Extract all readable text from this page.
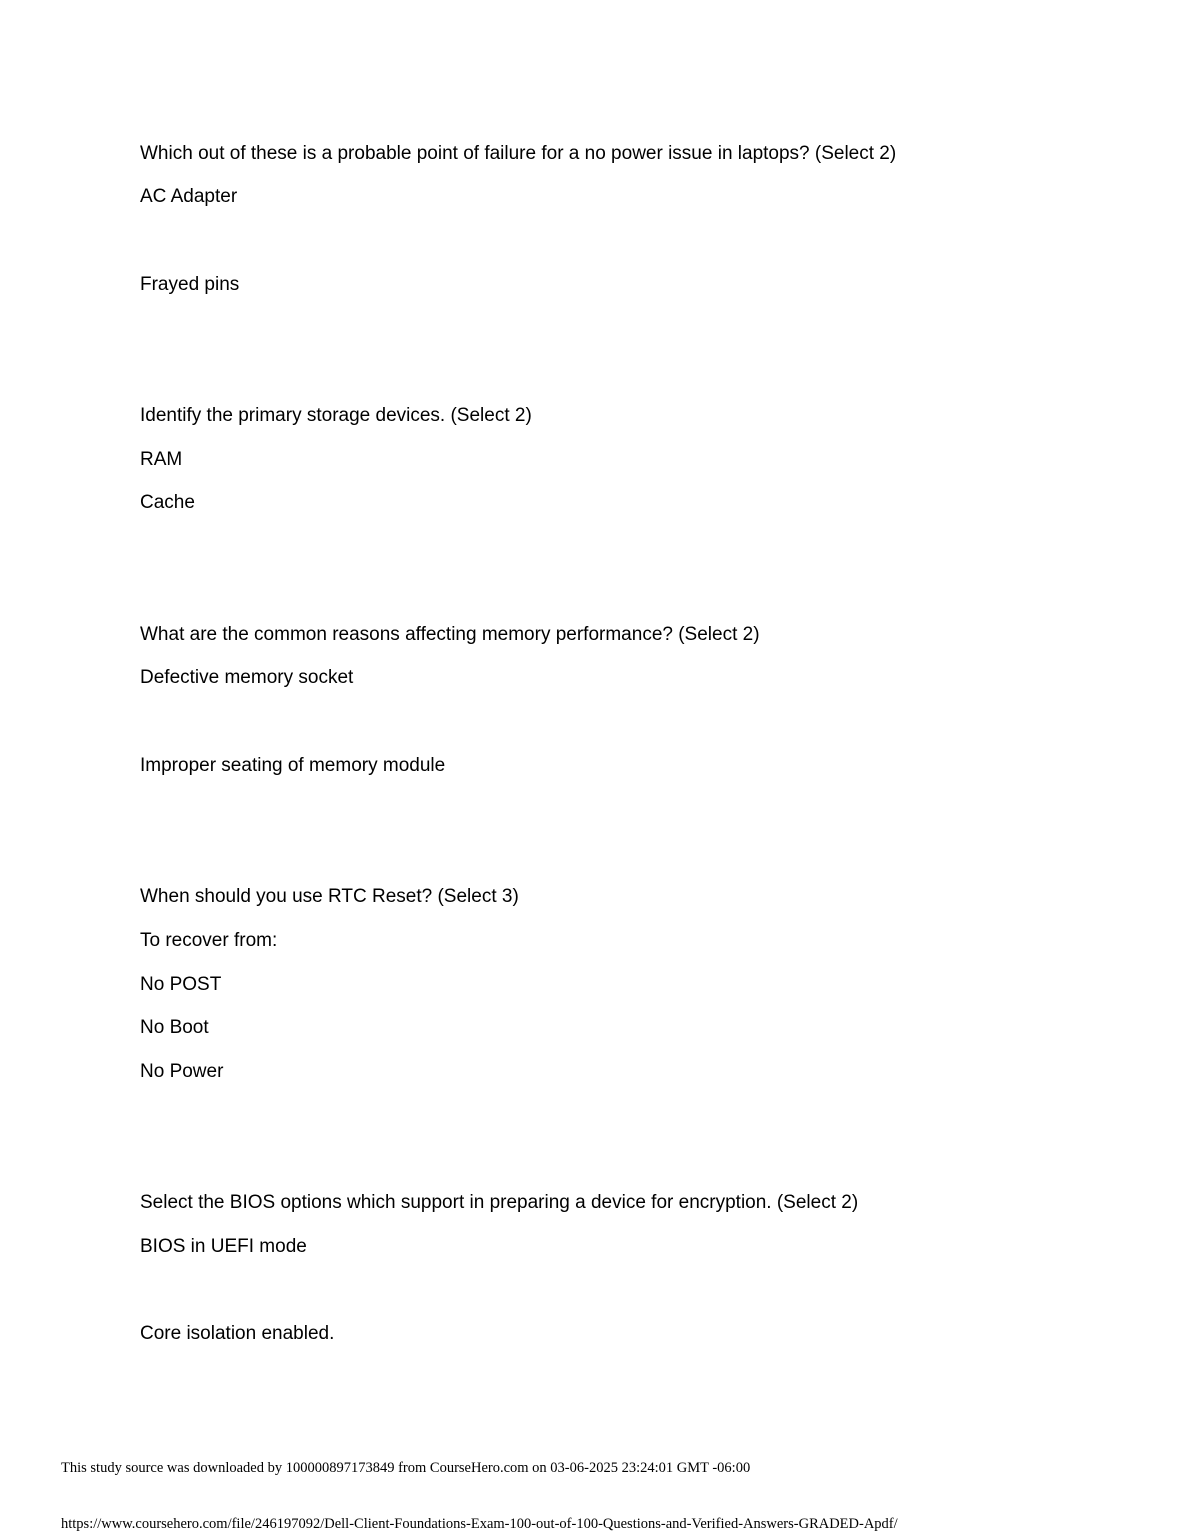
Which out of these is a probable point of failure for a no power issue in laptops? (Select 2)
AC Adapter
Frayed pins
Identify the primary storage devices. (Select 2)
RAM
Cache
What are the common reasons affecting memory performance? (Select 2)
Defective memory socket
Improper seating of memory module
When should you use RTC Reset? (Select 3)
To recover from:
No POST
No Boot
No Power
Select the BIOS options which support in preparing a device for encryption. (Select 2)
BIOS in UEFI mode
Core isolation enabled.
This study source was downloaded by 100000897173849 from CourseHero.com on 03-06-2025 23:24:01 GMT -06:00
https://www.coursehero.com/file/246197092/Dell-Client-Foundations-Exam-100-out-of-100-Questions-and-Verified-Answers-GRADED-Apdf/
